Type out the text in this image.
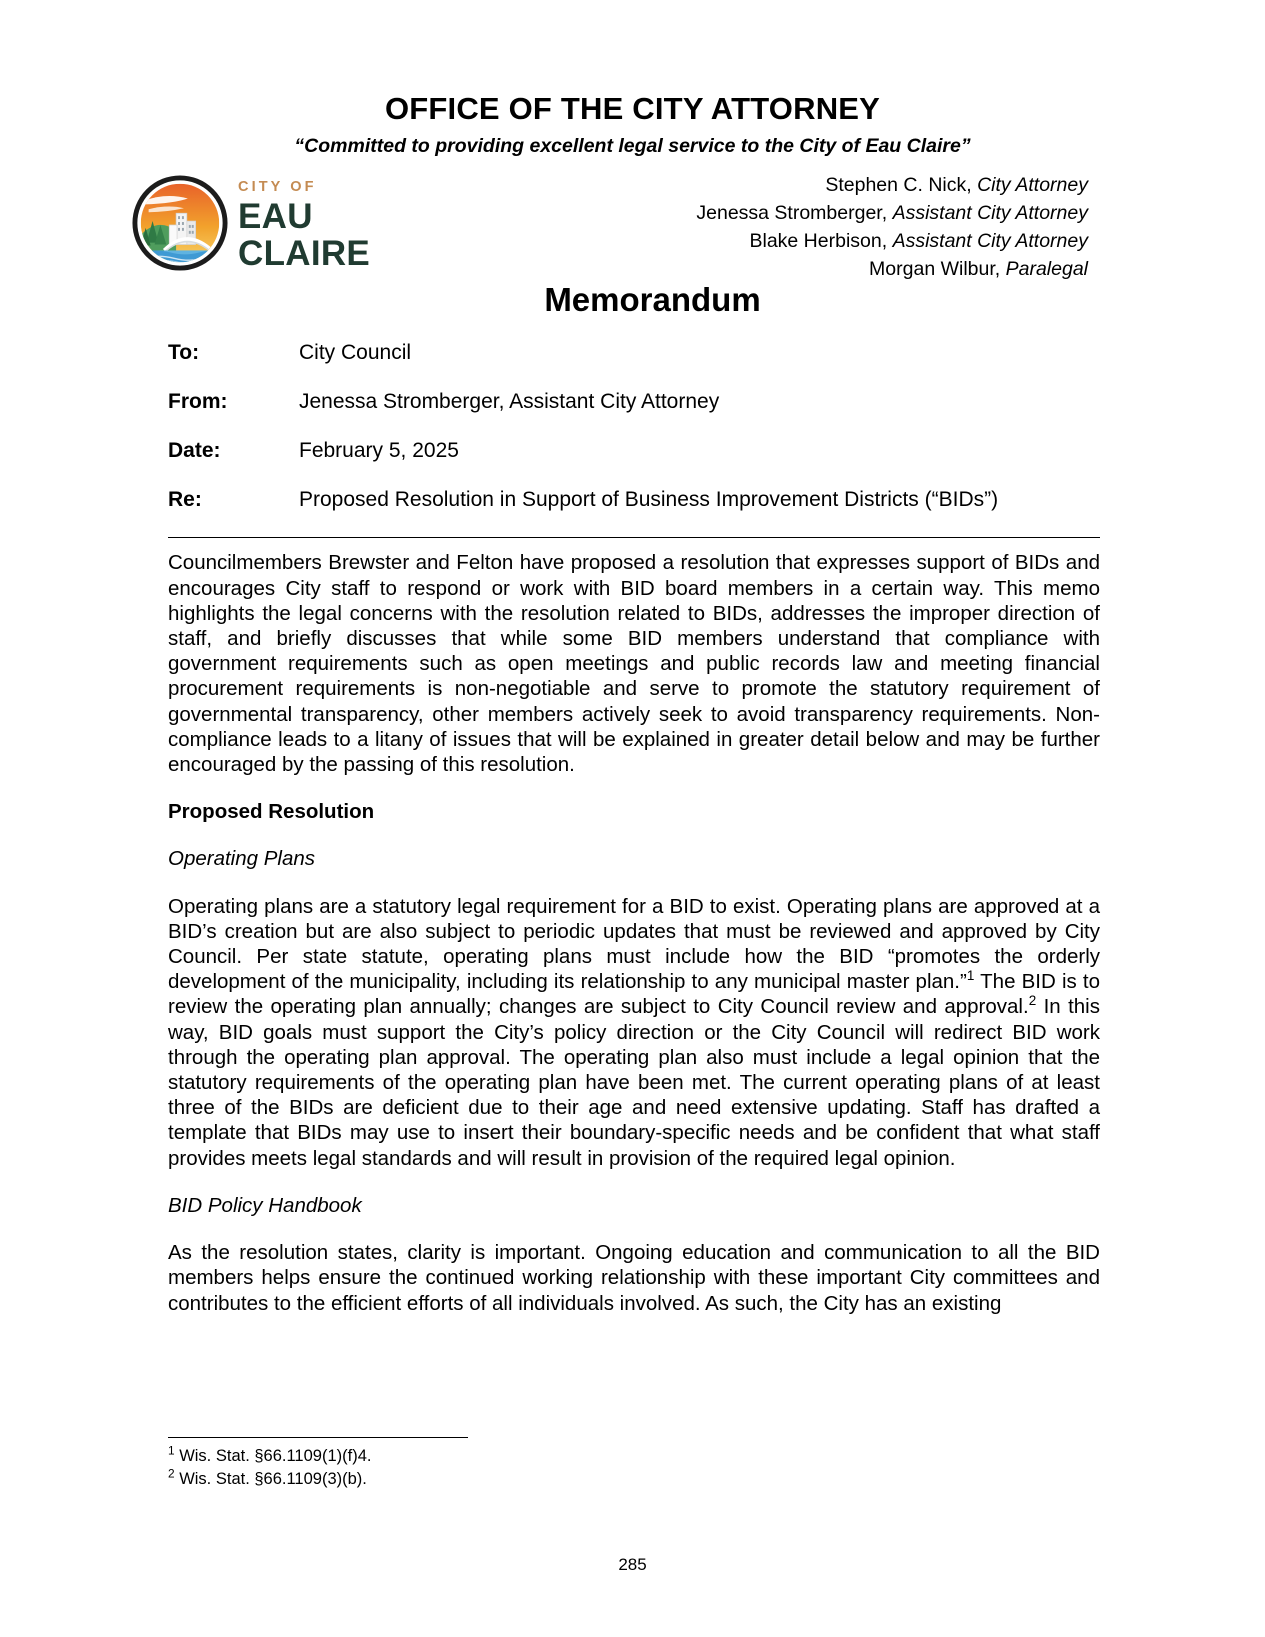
OFFICE OF THE CITY ATTORNEY

“Committed to providing excellent legal service to the City of Eau Claire”

CITY OF
EAU
CLAIRE
Stephen C. Nick, City Attorney
Jenessa Stromberger, Assistant City Attorney
Blake Herbison, Assistant City Attorney
Morgan Wilbur, Paralegal
Memorandum
To:	City Council
From:	Jenessa Stromberger, Assistant City Attorney
Date:	February 5, 2025
Re:	Proposed Resolution in Support of Business Improvement Districts (“BIDs”)

Councilmembers Brewster and Felton have proposed a resolution that expresses support of BIDs and encourages City staff to respond or work with BID board members in a certain way. This memo highlights the legal concerns with the resolution related to BIDs, addresses the improper direction of staff, and briefly discusses that while some BID members understand that compliance with government requirements such as open meetings and public records law and meeting financial procurement requirements is non-negotiable and serve to promote the statutory requirement of governmental transparency, other members actively seek to avoid transparency requirements. Non-compliance leads to a litany of issues that will be explained in greater detail below and may be further encouraged by the passing of this resolution.

Proposed Resolution
Operating Plans

Operating plans are a statutory legal requirement for a BID to exist. Operating plans are approved at a BID’s creation but are also subject to periodic updates that must be reviewed and approved by City Council. Per state statute, operating plans must include how the BID “promotes the orderly development of the municipality, including its relationship to any municipal master plan.”$^1$ The BID is to review the operating plan annually; changes are subject to City Council review and approval.$^2$ In this way, BID goals must support the City’s policy direction or the City Council will redirect BID work through the operating plan approval. The operating plan also must include a legal opinion that the statutory requirements of the operating plan have been met. The current operating plans of at least three of the BIDs are deficient due to their age and need extensive updating. Staff has drafted a template that BIDs may use to insert their boundary-specific needs and be confident that what staff provides meets legal standards and will result in provision of the required legal opinion.

BID Policy Handbook

As the resolution states, clarity is important. Ongoing education and communication to all the BID members helps ensure the continued working relationship with these important City committees and contributes to the efficient efforts of all individuals involved. As such, the City has an existing

$^1$ Wis. Stat. §66.1109(1)(f)4.

$^2$ Wis. Stat. §66.1109(3)(b).

285
